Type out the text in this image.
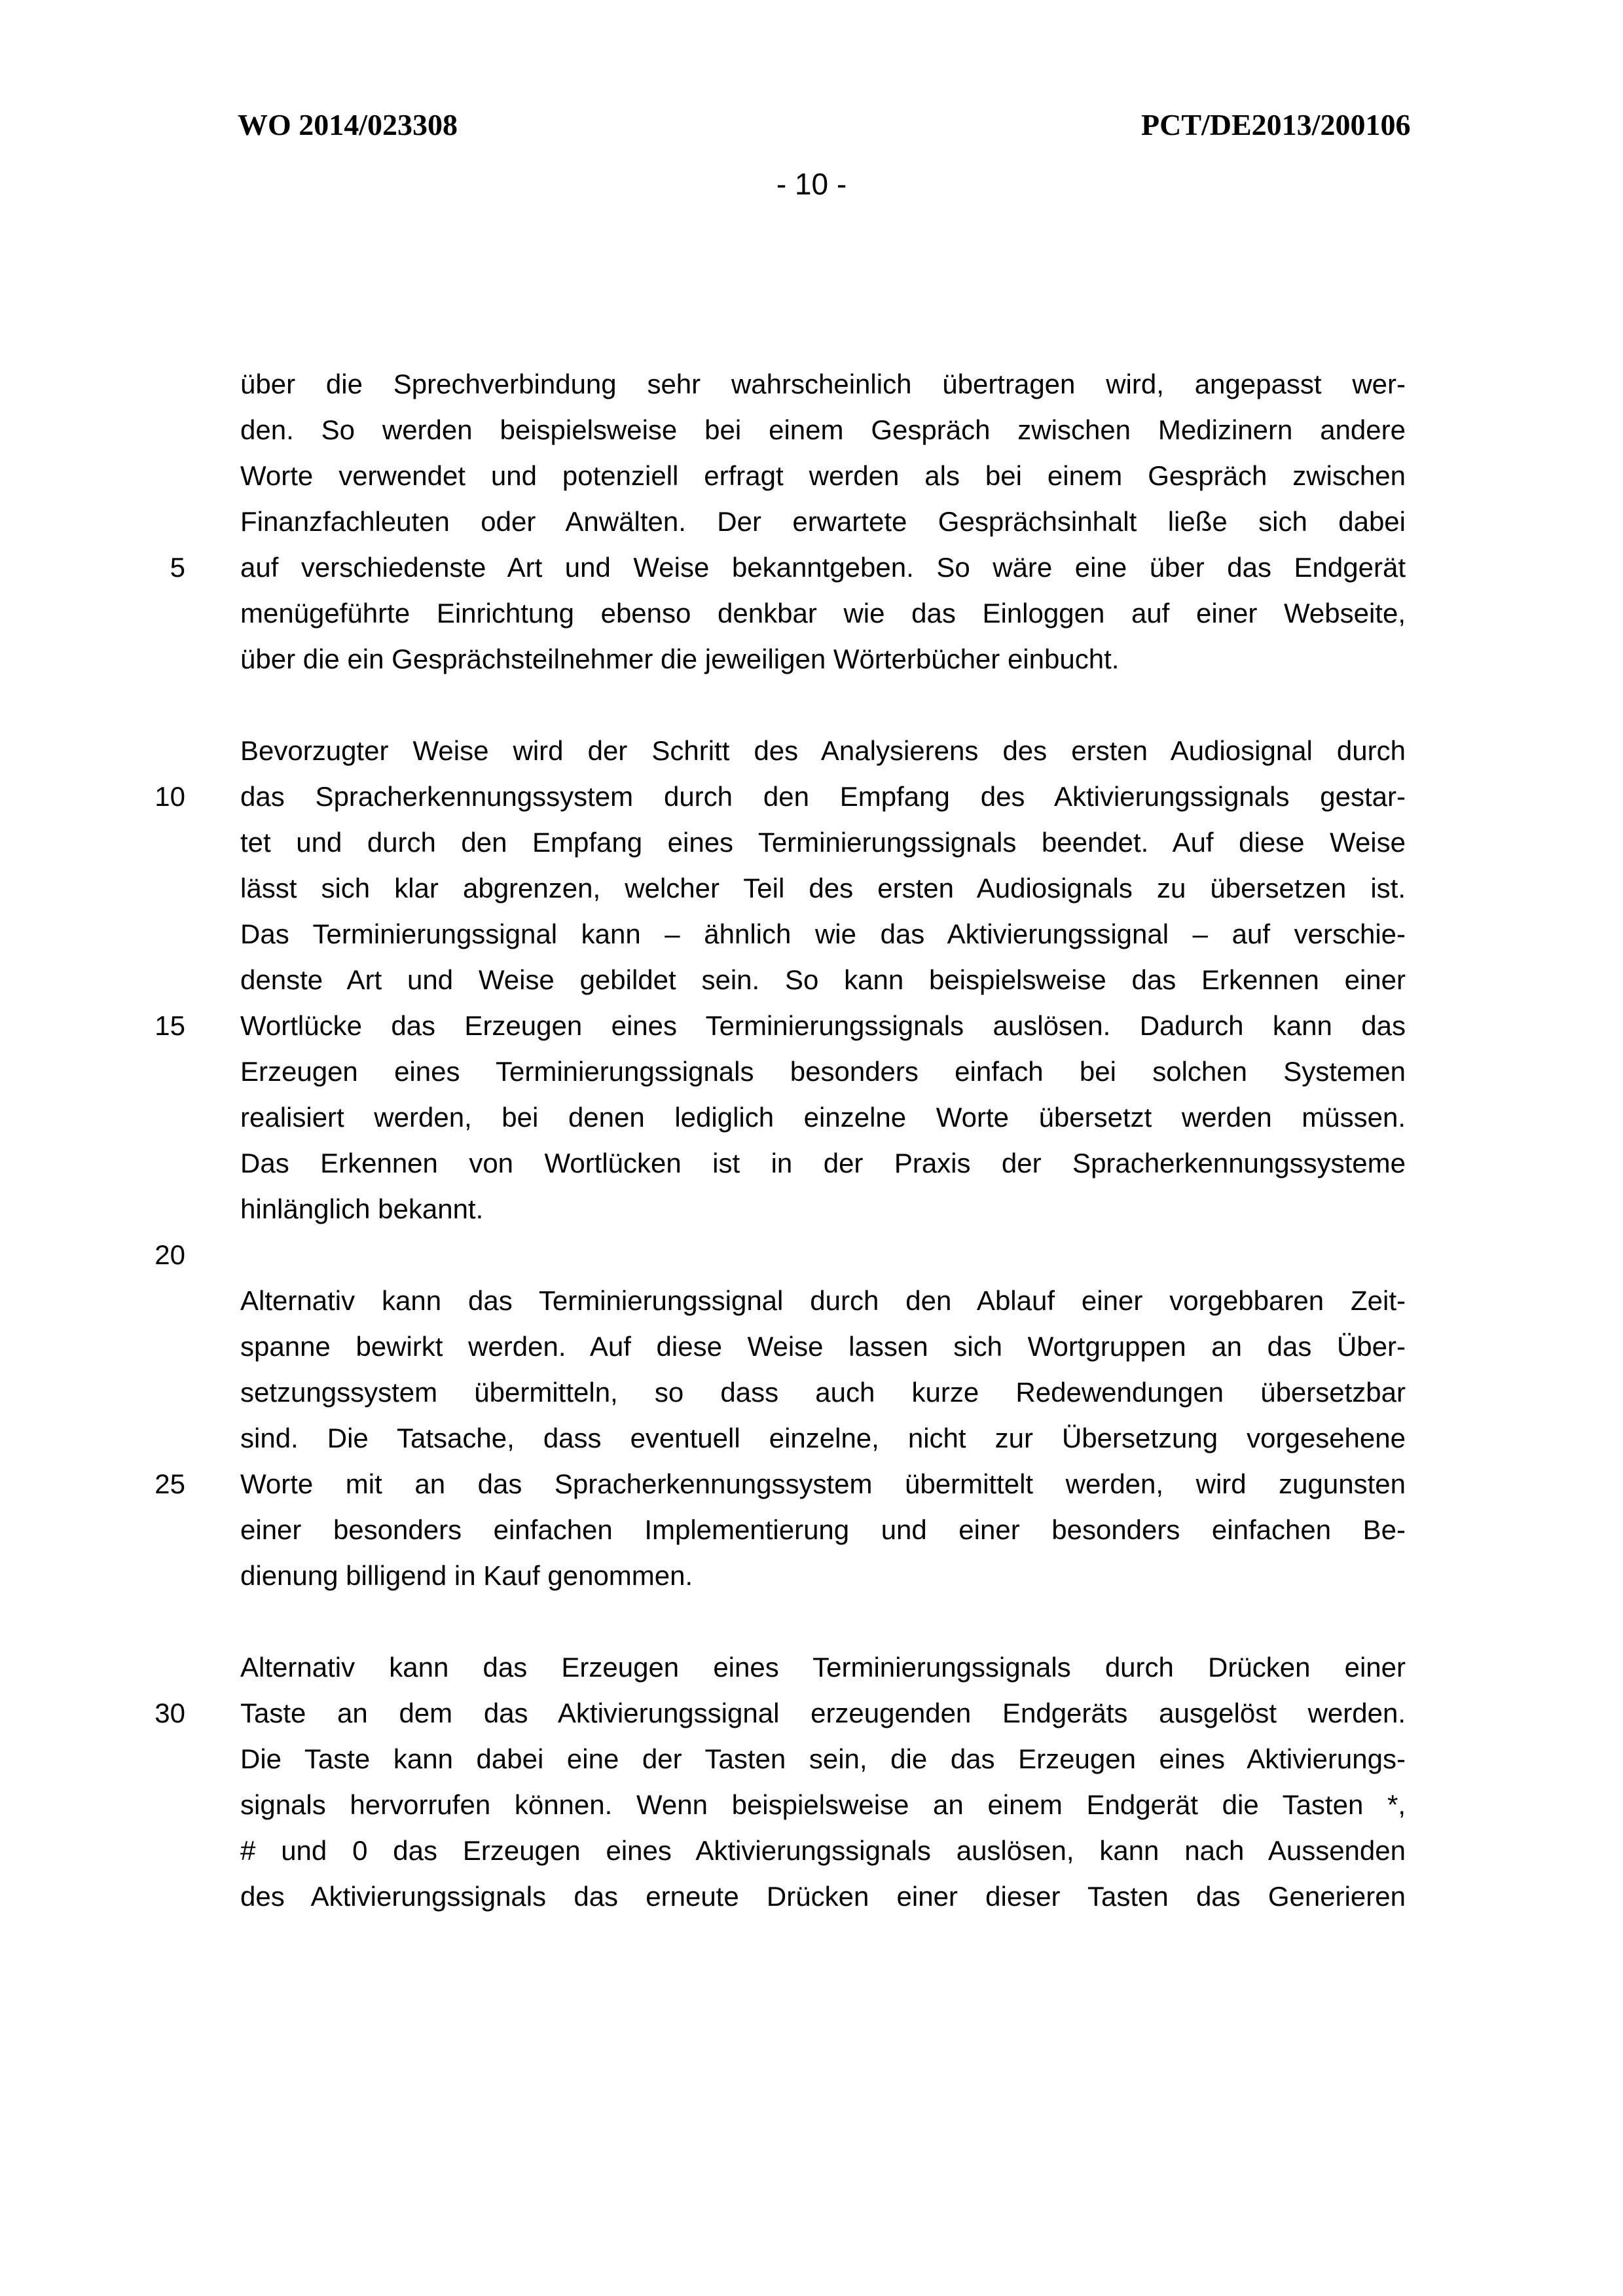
WO 2014/023308	PCT/DE2013/200106
- 10 -
über die Sprechverbindung sehr wahrscheinlich übertragen wird, angepasst wer-
den. So werden beispielsweise bei einem Gespräch zwischen Medizinern andere
Worte verwendet und potenziell erfragt werden als bei einem Gespräch zwischen
Finanzfachleuten oder Anwälten. Der erwartete Gesprächsinhalt ließe sich dabei
5 auf verschiedenste Art und Weise bekanntgeben. So wäre eine über das Endgerät
menügeführte Einrichtung ebenso denkbar wie das Einloggen auf einer Webseite,
über die ein Gesprächsteilnehmer die jeweiligen Wörterbücher einbucht.
Bevorzugter Weise wird der Schritt des Analysierens des ersten Audiosignal durch
10 das Spracherkennungssystem durch den Empfang des Aktivierungssignals gestar-
tet und durch den Empfang eines Terminierungssignals beendet. Auf diese Weise
lässt sich klar abgrenzen, welcher Teil des ersten Audiosignals zu übersetzen ist.
Das Terminierungssignal kann – ähnlich wie das Aktivierungssignal – auf verschie-
denste Art und Weise gebildet sein. So kann beispielsweise das Erkennen einer
15 Wortlücke das Erzeugen eines Terminierungssignals auslösen. Dadurch kann das
Erzeugen eines Terminierungssignals besonders einfach bei solchen Systemen
realisiert werden, bei denen lediglich einzelne Worte übersetzt werden müssen.
Das Erkennen von Wortlücken ist in der Praxis der Spracherkennungssysteme
hinlänglich bekannt.
20
Alternativ kann das Terminierungssignal durch den Ablauf einer vorgebbaren Zeit-
spanne bewirkt werden. Auf diese Weise lassen sich Wortgruppen an das Über-
setzungssystem übermitteln, so dass auch kurze Redewendungen übersetzbar
sind. Die Tatsache, dass eventuell einzelne, nicht zur Übersetzung vorgesehene
25 Worte mit an das Spracherkennungssystem übermittelt werden, wird zugunsten
einer besonders einfachen Implementierung und einer besonders einfachen Be-
dienung billigend in Kauf genommen.
Alternativ kann das Erzeugen eines Terminierungssignals durch Drücken einer
30 Taste an dem das Aktivierungssignal erzeugenden Endgeräts ausgelöst werden.
Die Taste kann dabei eine der Tasten sein, die das Erzeugen eines Aktivierungs-
signals hervorrufen können. Wenn beispielsweise an einem Endgerät die Tasten *,
# und 0 das Erzeugen eines Aktivierungssignals auslösen, kann nach Aussenden
des Aktivierungssignals das erneute Drücken einer dieser Tasten das Generieren
